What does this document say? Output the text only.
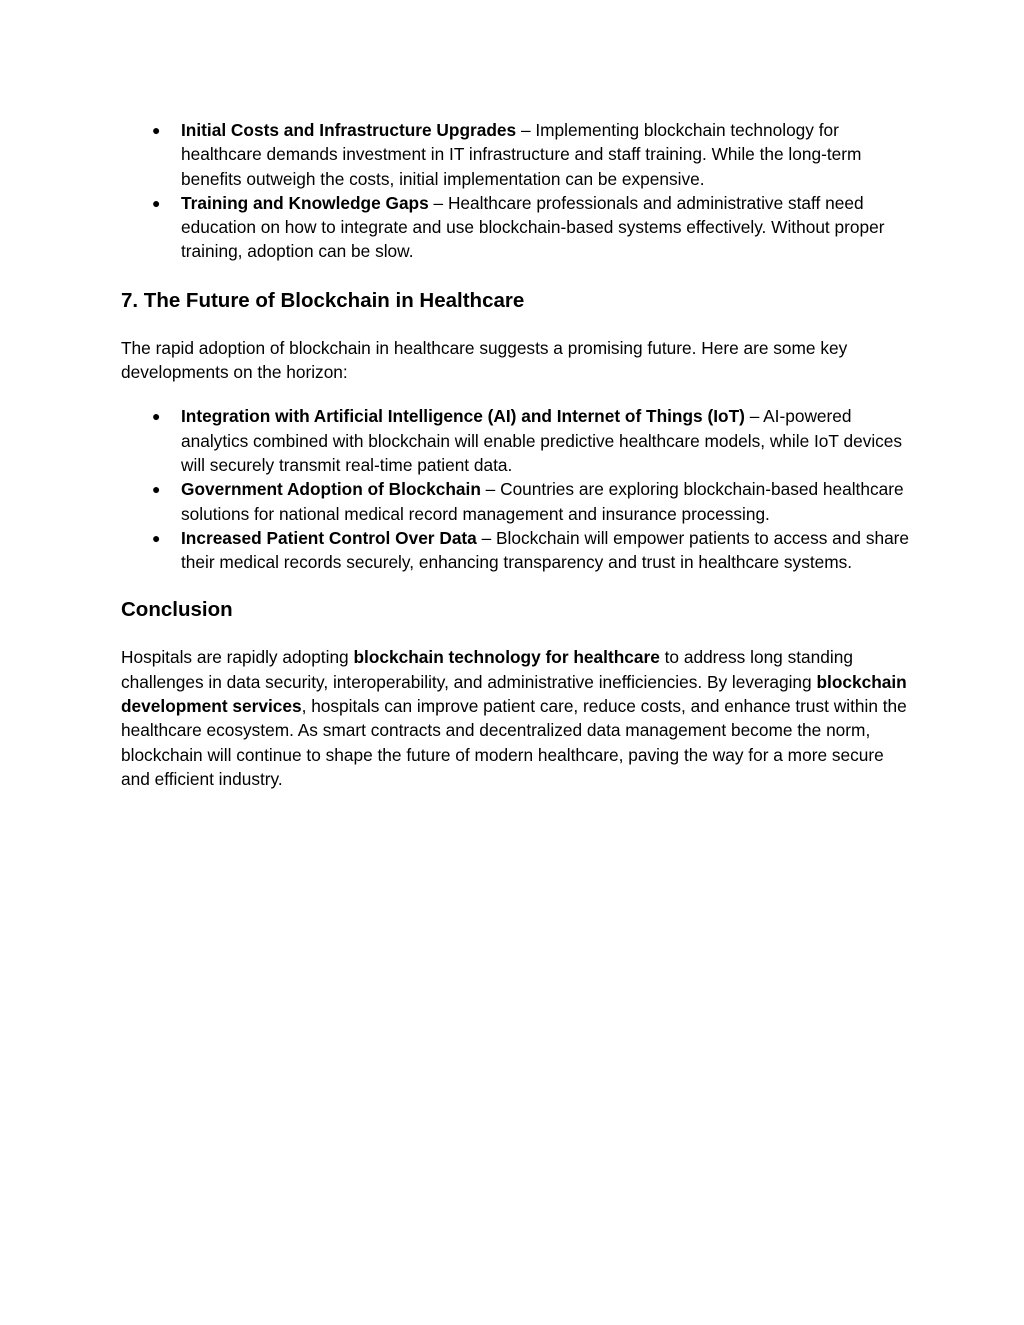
● Initial Costs and Infrastructure Upgrades – Implementing blockchain technology for healthcare demands investment in IT infrastructure and staff training. While the long-term benefits outweigh the costs, initial implementation can be expensive.
● Training and Knowledge Gaps – Healthcare professionals and administrative staff need education on how to integrate and use blockchain-based systems effectively. Without proper training, adoption can be slow.
7. The Future of Blockchain in Healthcare

The rapid adoption of blockchain in healthcare suggests a promising future. Here are some key developments on the horizon:

● Integration with Artificial Intelligence (AI) and Internet of Things (IoT) – AI-powered analytics combined with blockchain will enable predictive healthcare models, while IoT devices will securely transmit real-time patient data.
● Government Adoption of Blockchain – Countries are exploring blockchain-based healthcare solutions for national medical record management and insurance processing.
● Increased Patient Control Over Data – Blockchain will empower patients to access and share their medical records securely, enhancing transparency and trust in healthcare systems.
Conclusion

Hospitals are rapidly adopting blockchain technology for healthcare to address long standing challenges in data security, interoperability, and administrative inefficiencies. By leveraging blockchain development services, hospitals can improve patient care, reduce costs, and enhance trust within the healthcare ecosystem. As smart contracts and decentralized data management become the norm, blockchain will continue to shape the future of modern healthcare, paving the way for a more secure and efficient industry.
